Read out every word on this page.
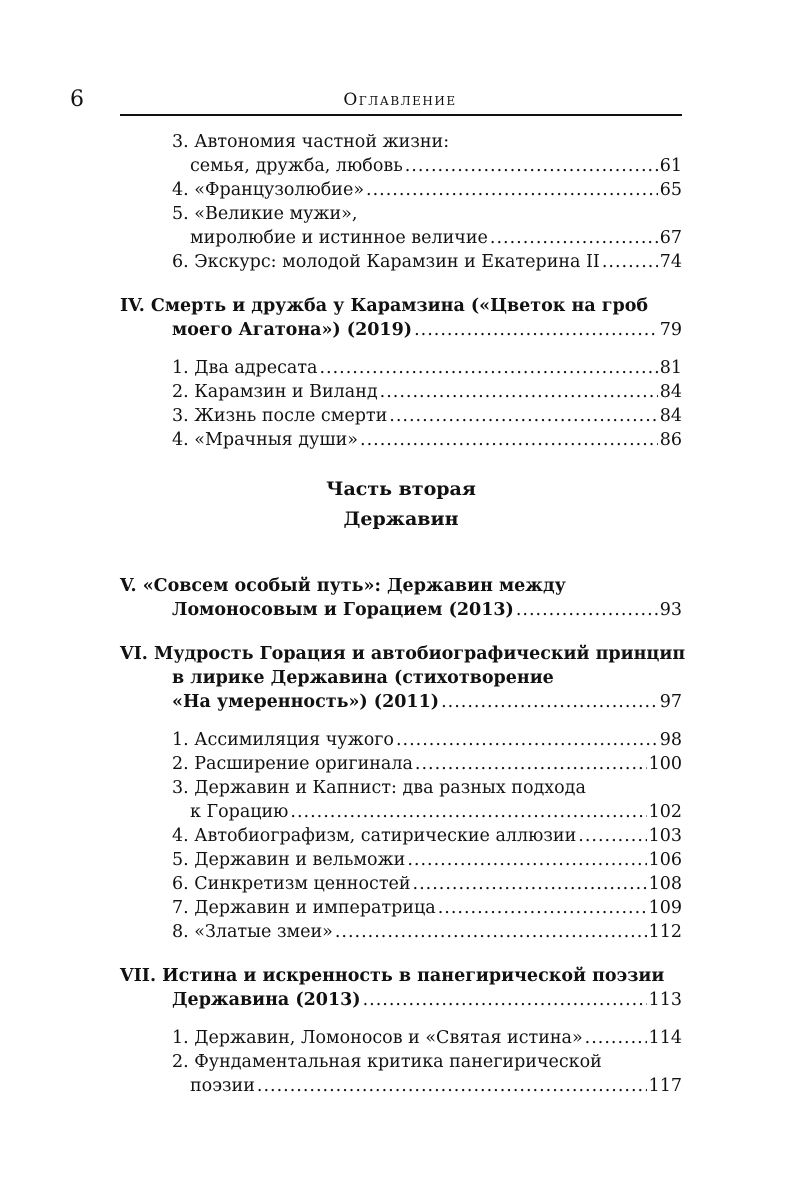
6	Оглавление
3. Автономия частной жизни:
семья, дружба, любовь .....	61
4. «Французолюбие» .....	65
5. «Великие мужи»,
миролюбие и истинное величие .....	67
6. Экскурс: молодой Карамзин и Екатерина II .....	74
IV. Смерть и дружба у Карамзина («Цветок на гроб
моего Агатона») (2019) .....	79
1. Два адресата .....	81
2. Карамзин и Виланд .....	84
3. Жизнь после смерти .....	84
4. «Мрачныя души» .....	86
Часть вторая
Державин
V. «Совсем особый путь»: Державин между
Ломоносовым и Горацием (2013) .....	93
VI. Мудрость Горация и автобиографический принцип
в лирике Державина (стихотворение
«На умеренность») (2011) .....	97
1. Ассимиляция чужого .....	98
2. Расширение оригинала .....	100
3. Державин и Капнист: два разных подхода
к Горацию .....	102
4. Автобиографизм, сатирические аллюзии .....	103
5. Державин и вельможи .....	106
6. Синкретизм ценностей .....	108
7. Державин и императрица .....	109
8. «Златые змеи» .....	112
VII. Истина и искренность в панегирической поэзии
Державина (2013) .....	113
1. Державин, Ломоносов и «Святая истина» .....	114
2. Фундаментальная критика панегирической
поэзии .....	117
